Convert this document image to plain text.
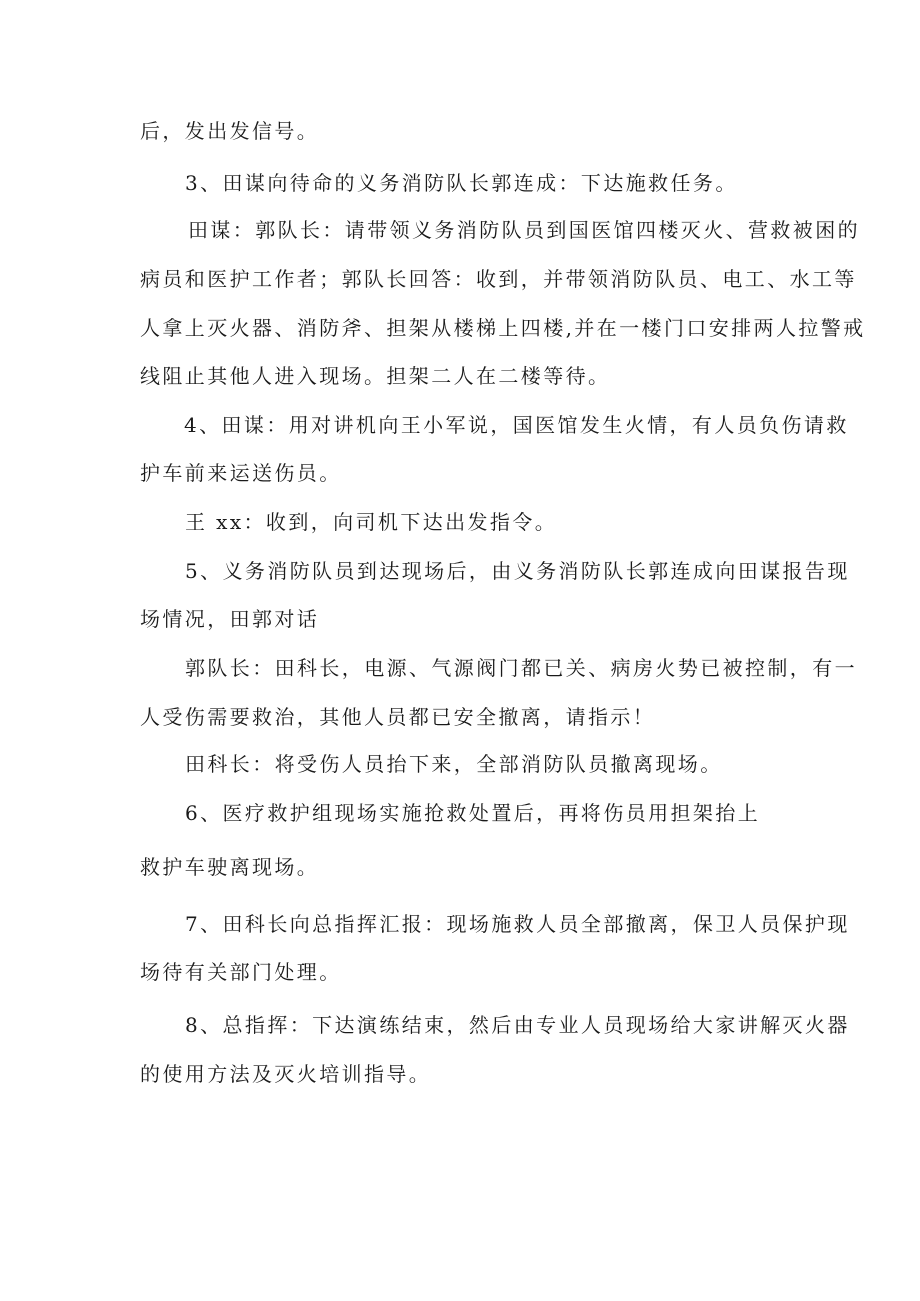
后，发出发信号。
3、田谋向待命的义务消防队长郭连成：下达施救任务。
田谋：郭队长：请带领义务消防队员到国医馆四楼灭火、营救被困的
病员和医护工作者；郭队长回答：收到，并带领消防队员、电工、水工等
人拿上灭火器、消防斧、担架从楼梯上四楼,并在一楼门口安排两人拉警戒
线阻止其他人进入现场。担架二人在二楼等待。
4、田谋：用对讲机向王小军说，国医馆发生火情，有人员负伤请救
护车前来运送伤员。
王 xx：收到，向司机下达出发指令。
5、义务消防队员到达现场后，由义务消防队长郭连成向田谋报告现
场情况，田郭对话
郭队长：田科长，电源、气源阀门都已关、病房火势已被控制，有一
人受伤需要救治，其他人员都已安全撤离，请指示！
田科长：将受伤人员抬下来，全部消防队员撤离现场。
6、医疗救护组现场实施抢救处置后，再将伤员用担架抬上
救护车驶离现场。
7、田科长向总指挥汇报：现场施救人员全部撤离，保卫人员保护现
场待有关部门处理。
8、总指挥：下达演练结束，然后由专业人员现场给大家讲解灭火器
的使用方法及灭火培训指导。
